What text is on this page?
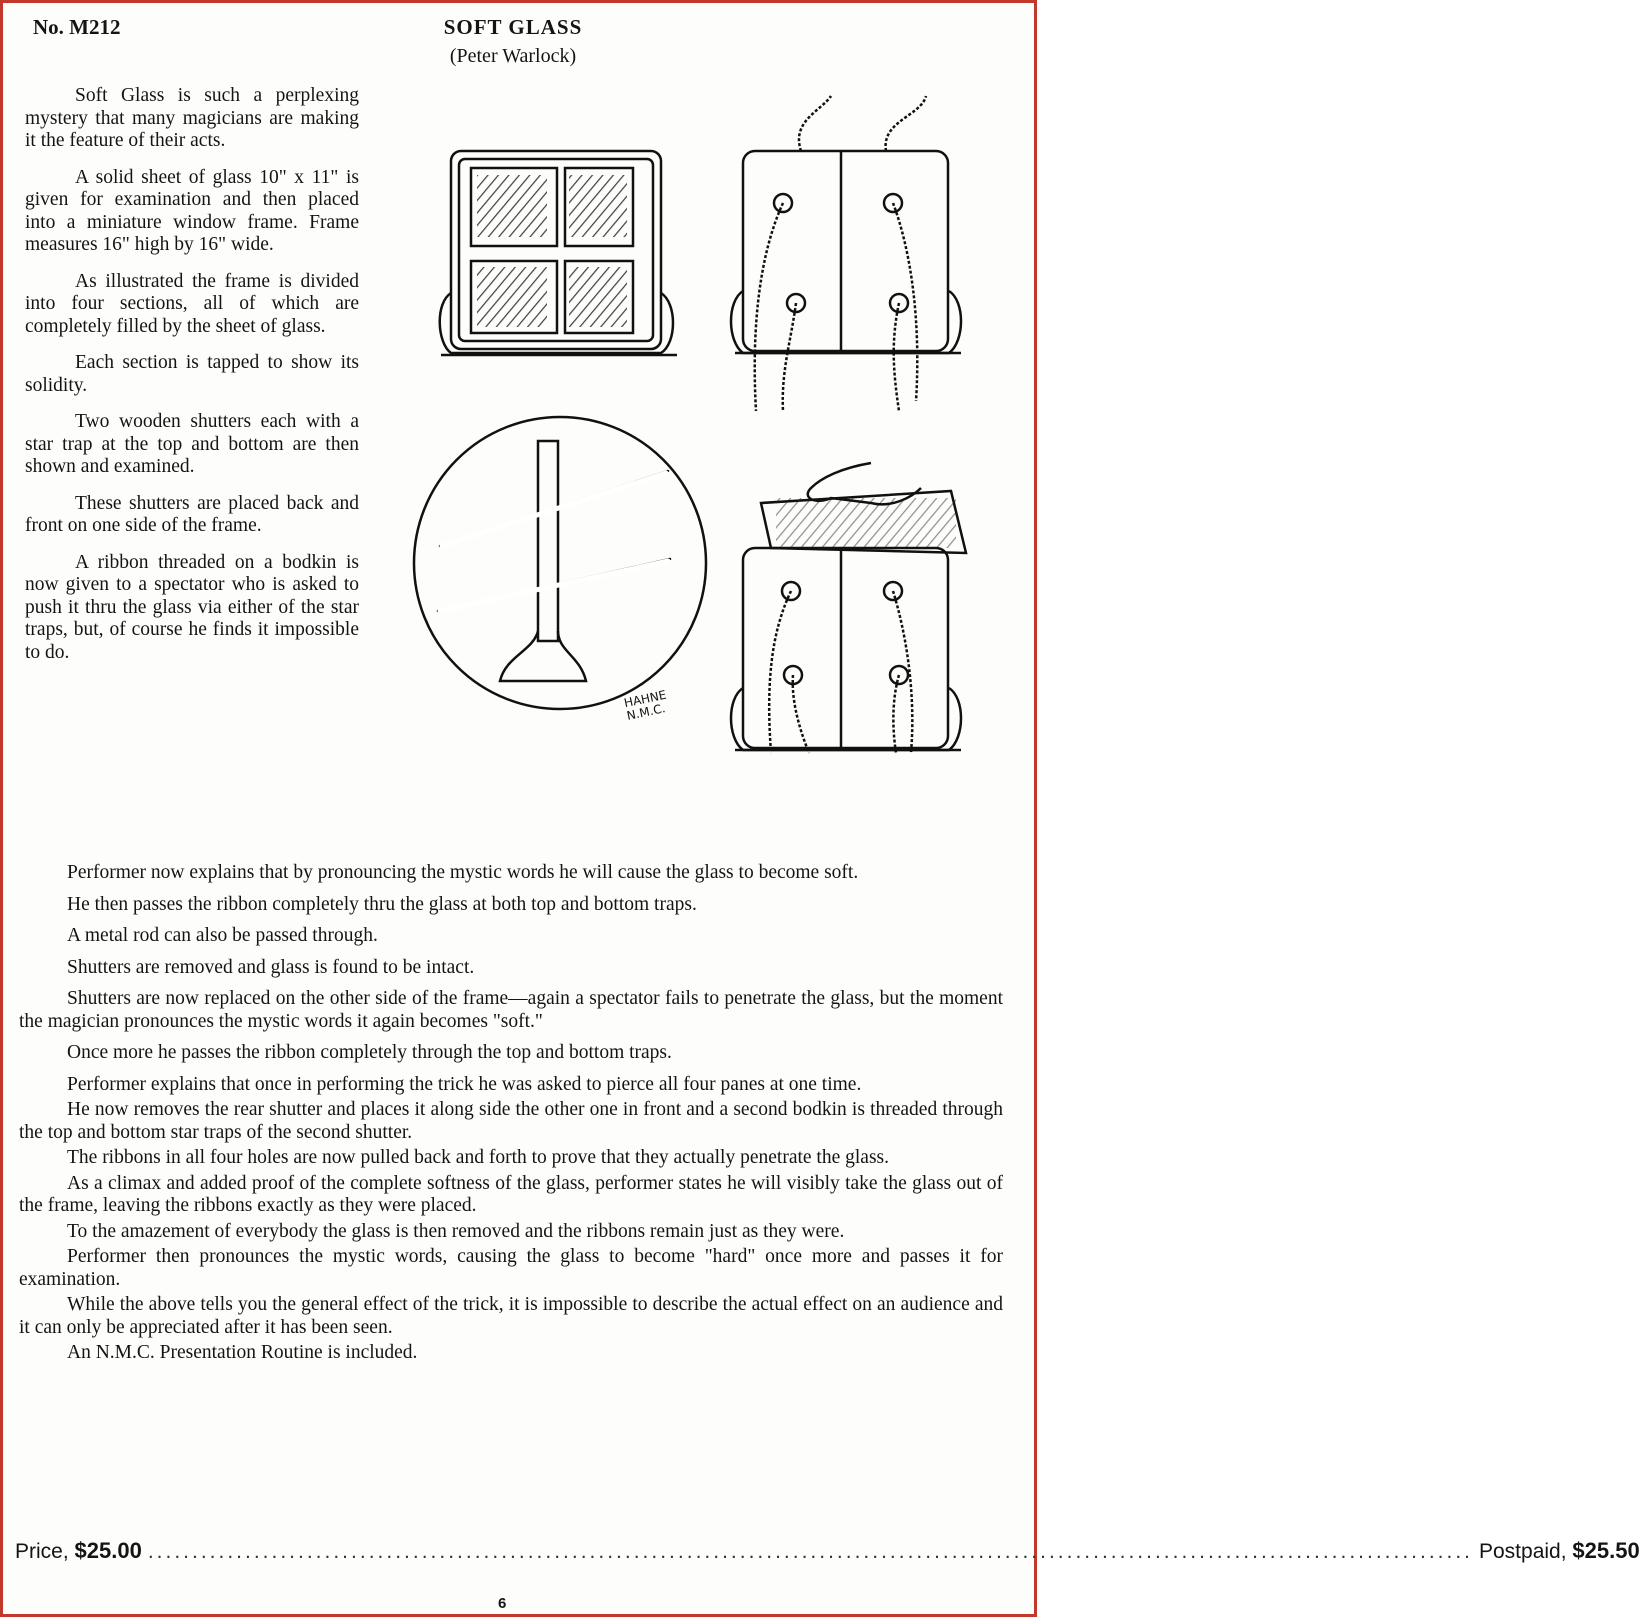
No. M212	SOFT GLASS
(Peter Warlock)

Soft Glass is such a perplexing mystery that many magicians are making it the feature of their acts.

A solid sheet of glass 10" x 11" is given for examination and then placed into a miniature window frame. Frame measures 16" high by 16" wide.

As illustrated the frame is divided into four sections, all of which are completely filled by the sheet of glass.

Each section is tapped to show its solidity.

Two wooden shutters each with a star trap at the top and bottom are then shown and examined.

These shutters are placed back and front on one side of the frame.

A ribbon threaded on a bodkin is now given to a spectator who is asked to push it thru the glass via either of the star traps, but, of course he finds it impossible to do.

HAHNE N.M.C.

Performer now explains that by pronouncing the mystic words he will cause the glass to become soft.

He then passes the ribbon completely thru the glass at both top and bottom traps.

A metal rod can also be passed through.

Shutters are removed and glass is found to be intact.

Shutters are now replaced on the other side of the frame—again a spectator fails to penetrate the glass, but the moment the magician pronounces the mystic words it again becomes "soft."

Once more he passes the ribbon completely through the top and bottom traps.

Performer explains that once in performing the trick he was asked to pierce all four panes at one time.

He now removes the rear shutter and places it along side the other one in front and a second bodkin is threaded through the top and bottom star traps of the second shutter.

The ribbons in all four holes are now pulled back and forth to prove that they actually penetrate the glass.

As a climax and added proof of the complete softness of the glass, performer states he will visibly take the glass out of the frame, leaving the ribbons exactly as they were placed.

To the amazement of everybody the glass is then removed and the ribbons remain just as they were.

Performer then pronounces the mystic words, causing the glass to become "hard" once more and passes it for examination.

While the above tells you the general effect of the trick, it is impossible to describe the actual effect on an audience and it can only be appreciated after it has been seen.

An N.M.C. Presentation Routine is included.

Price,
$25.00 ...................................................................................................................................................... Postpaid,
$25.50
6
